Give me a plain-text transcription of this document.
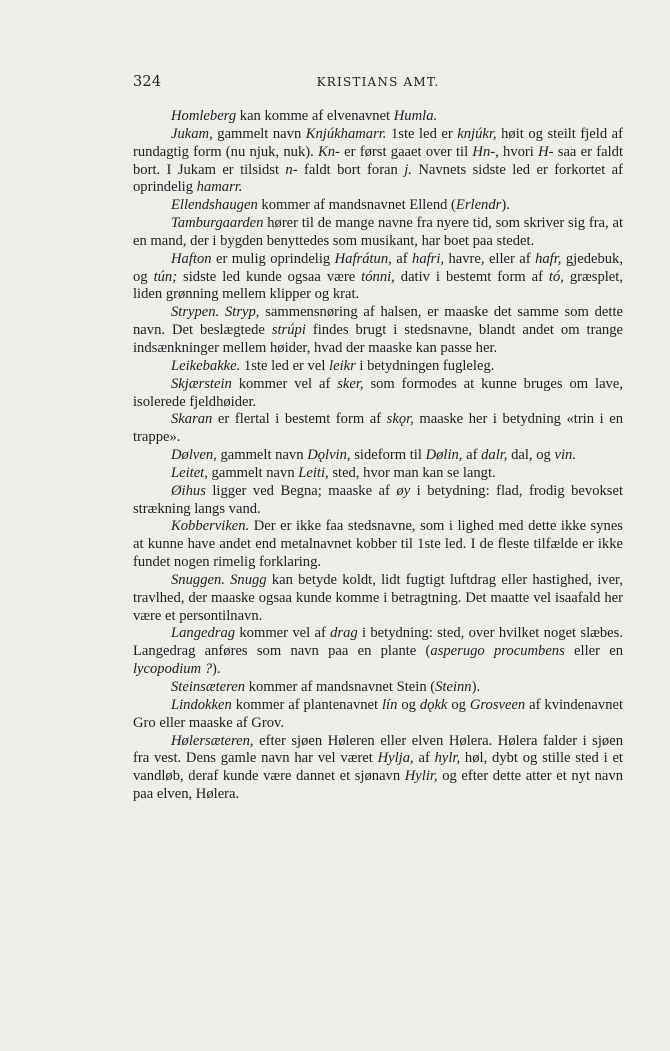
324	KRISTIANS AMT.

Homleberg kan komme af elvenavnet Humla.

Jukam, gammelt navn Knjúkhamarr. 1ste led er knjúkr, høit og steilt fjeld af rundagtig form (nu njuk, nuk). Kn- er først gaaet over til Hn-, hvori H- saa er faldt bort. I Jukam er tilsidst n- faldt bort foran j. Navnets sidste led er forkortet af oprindelig hamarr.

Ellendshaugen kommer af mandsnavnet Ellend (Erlendr).

Tamburgaarden hører til de mange navne fra nyere tid, som skriver sig fra, at en mand, der i bygden benyttedes som musikant, har boet paa stedet.

Hafton er mulig oprindelig Hafrátun, af hafri, havre, eller af hafr, gjedebuk, og tún; sidste led kunde ogsaa være tónni, dativ i bestemt form af tó, græsplet, liden grønning mellem klipper og krat.

Strypen. Stryp, sammensnøring af halsen, er maaske det samme som dette navn. Det beslægtede strúpi findes brugt i stedsnavne, blandt andet om trange indsænkninger mellem høider, hvad der maaske kan passe her.

Leikebakke. 1ste led er vel leikr i betydningen fugleleg.

Skjærstein kommer vel af sker, som formodes at kunne bruges om lave, isolerede fjeldhøider.

Skaran er flertal i bestemt form af skǫr, maaske her i betydning «trin i en trappe».

Dølven, gammelt navn Dǫlvin, sideform til Dølin, af dalr, dal, og vin.

Leitet, gammelt navn Leiti, sted, hvor man kan se langt.

Øihus ligger ved Begna; maaske af øy i betydning: flad, frodig bevokset strækning langs vand.

Kobberviken. Der er ikke faa stedsnavne, som i lighed med dette ikke synes at kunne have andet end metalnavnet kobber til 1ste led. I de fleste tilfælde er ikke fundet nogen rimelig forklaring.

Snuggen. Snugg kan betyde koldt, lidt fugtigt luftdrag eller hastighed, iver, travlhed, der maaske ogsaa kunde komme i betragtning. Det maatte vel isaafald her være et persontilnavn.

Langedrag kommer vel af drag i betydning: sted, over hvilket noget slæbes. Langedrag anføres som navn paa en plante (asperugo procumbens eller en lycopodium ?).

Steinsæteren kommer af mandsnavnet Stein (Steinn).

Lindokken kommer af plantenavnet lín og dǫkk og Grosveen af kvindenavnet Gro eller maaske af Grov.

Hølersæteren, efter sjøen Høleren eller elven Hølera. Hølera falder i sjøen fra vest. Dens gamle navn har vel været Hylja, af hylr, høl, dybt og stille sted i et vandløb, deraf kunde være dannet et sjønavn Hylir, og efter dette atter et nyt navn paa elven, Hølera.
